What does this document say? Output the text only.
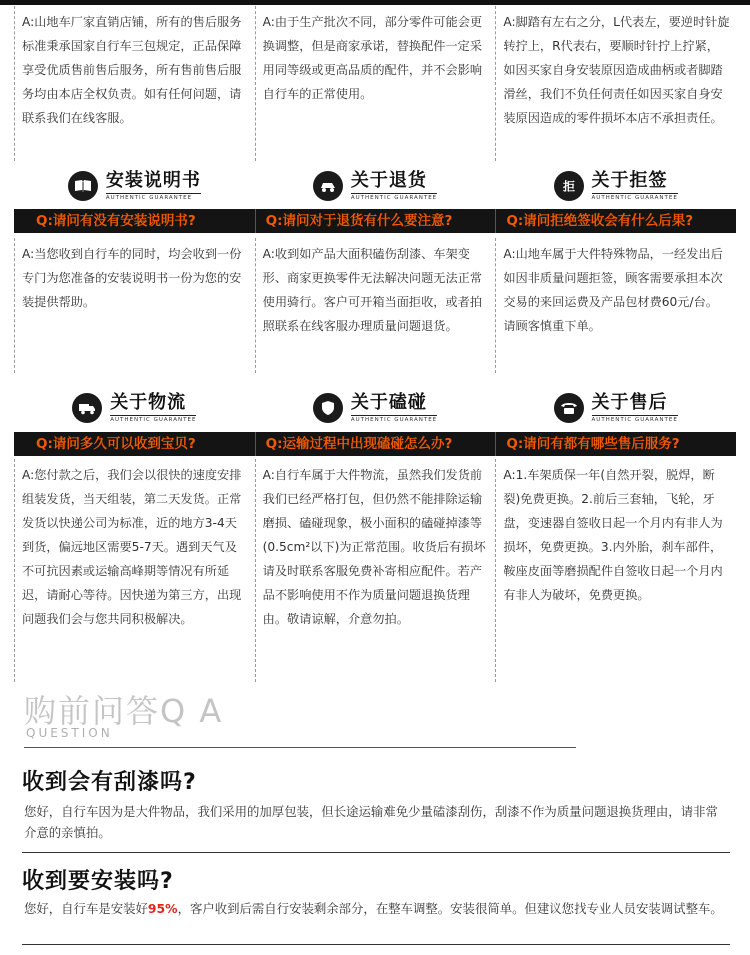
A:山地车厂家直销店铺，所有的售后服务标准秉承国家自行车三包规定，正品保障享受优质售前售后服务，所有售前售后服务均由本店全权负责。如有任何问题，请联系我们在线客服。
A:由于生产批次不同，部分零件可能会更换调整，但是商家承诺，替换配件一定采用同等级或更高品质的配件，并不会影响自行车的正常使用。
A:脚踏有左右之分，L代表左，要逆时针旋转拧上，R代表右，要顺时针拧上拧紧，如因买家自身安装原因造成曲柄或者脚踏滑丝，我们不负任何责任如因买家自身安装原因造成的零件损坏本店不承担责任。
安装说明书
AUTHENTIC GUARANTEE
关于退货
AUTHENTIC GUARANTEE
拒 关于拒签
AUTHENTIC GUARANTEE
Q:请问有没有安装说明书?	Q:请问对于退货有什么要注意?	Q:请问拒绝签收会有什么后果?
A:当您收到自行车的同时，均会收到一份专门为您准备的安装说明书一份为您的安装提供帮助。
A:收到如产品大面积磕伤刮漆、车架变形、商家更换零件无法解决问题无法正常使用骑行。客户可开箱当面拒收，或者拍照联系在线客服办理质量问题退货。
A:山地车属于大件特殊物品，一经发出后如因非质量问题拒签，顾客需要承担本次交易的来回运费及产品包材费60元/台。请顾客慎重下单。
关于物流
AUTHENTIC GUARANTEE
关于磕碰
AUTHENTIC GUARANTEE
关于售后
AUTHENTIC GUARANTEE
Q:请问多久可以收到宝贝?	Q:运输过程中出现磕碰怎么办?	Q:请问有都有哪些售后服务?
A:您付款之后，我们会以很快的速度安排组装发货，当天组装，第二天发货。正常发货以快递公司为标准，近的地方3-4天到货，偏远地区需要5-7天。遇到天气及不可抗因素或运输高峰期等情况有所延迟，请耐心等待。因快递为第三方，出现问题我们会与您共同积极解决。
A:自行车属于大件物流，虽然我们发货前我们已经严格打包，但仍然不能排除运输磨损、磕碰现象，极小面积的磕碰掉漆等(0.5cm²以下)为正常范围。收货后有损坏请及时联系客服免费补寄相应配件。若产品不影响使用不作为质量问题退换货理由。敬请谅解，介意勿拍。
A:1.车架质保一年(自然开裂，脱焊，断裂)免费更换。2.前后三套轴，飞轮，牙盘，变速器自签收日起一个月内有非人为损坏，免费更换。3.内外胎，刹车部件，鞍座皮面等磨损配件自签收日起一个月内有非人为破坏，免费更换。
购前问答Q A
QUESTION
收到会有刮漆吗?
您好，自行车因为是大件物品，我们采用的加厚包装，但长途运输难免少量磕漆刮伤，刮漆不作为质量问题退换货理由，请非常介意的亲慎拍。
收到要安装吗?
您好，自行车是安装好95%，客户收到后需自行安装剩余部分，在整车调整。安装很简单。但建议您找专业人员安装调试整车。
